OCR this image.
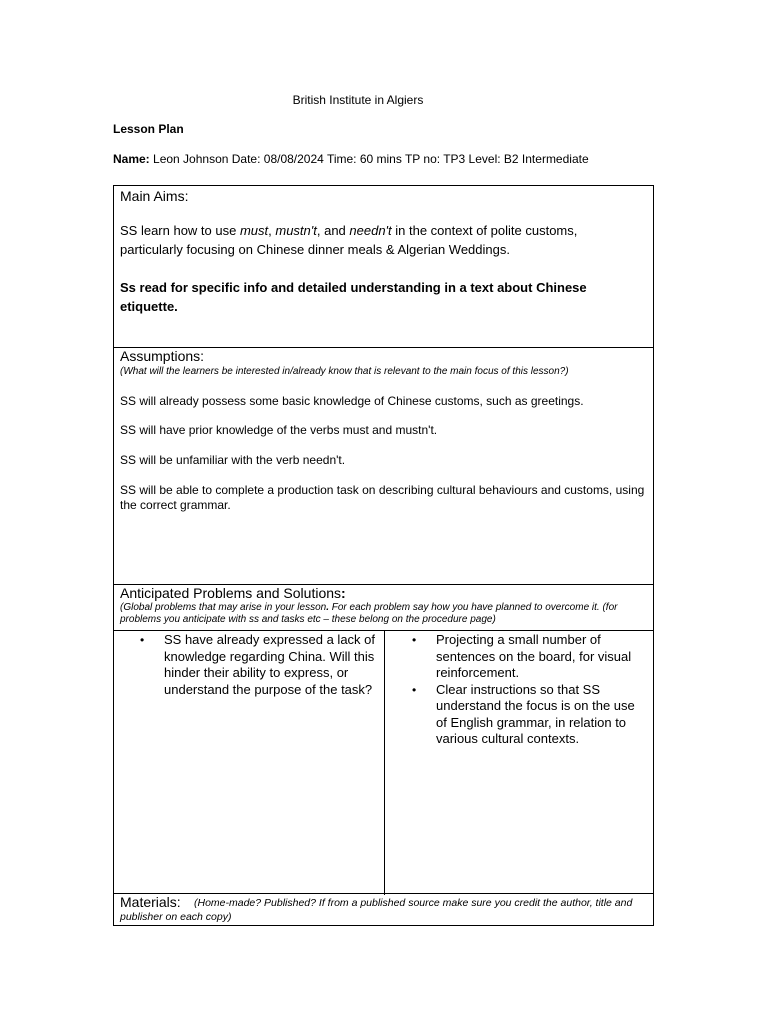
British Institute in Algiers
Lesson Plan
Name: Leon Johnson Date: 08/08/2024 Time: 60 mins TP no: TP3 Level: B2 Intermediate
Main Aims:
SS learn how to use must, mustn't, and needn't in the context of polite customs, particularly focusing on Chinese dinner meals & Algerian Weddings.
Ss read for specific info and detailed understanding in a text about Chinese etiquette.
Assumptions:
(What will the learners be interested in/already know that is relevant to the main focus of this lesson?)
SS will already possess some basic knowledge of Chinese customs, such as greetings.
SS will have prior knowledge of the verbs must and mustn't.
SS will be unfamiliar with the verb needn't.
SS will be able to complete a production task on describing cultural behaviours and customs, using the correct grammar.
Anticipated Problems and Solutions:
(Global problems that may arise in your lesson. For each problem say how you have planned to overcome it. (for problems you anticipate with ss and tasks etc – these belong on the procedure page)
• SS have already expressed a lack of knowledge regarding China. Will this hinder their ability to express, or understand the purpose of the task?
• Projecting a small number of sentences on the board, for visual reinforcement.
• Clear instructions so that SS understand the focus is on the use of English grammar, in relation to various cultural contexts.
Materials:	(Home-made? Published? If from a published source make sure you credit the author, title and publisher on each copy)
